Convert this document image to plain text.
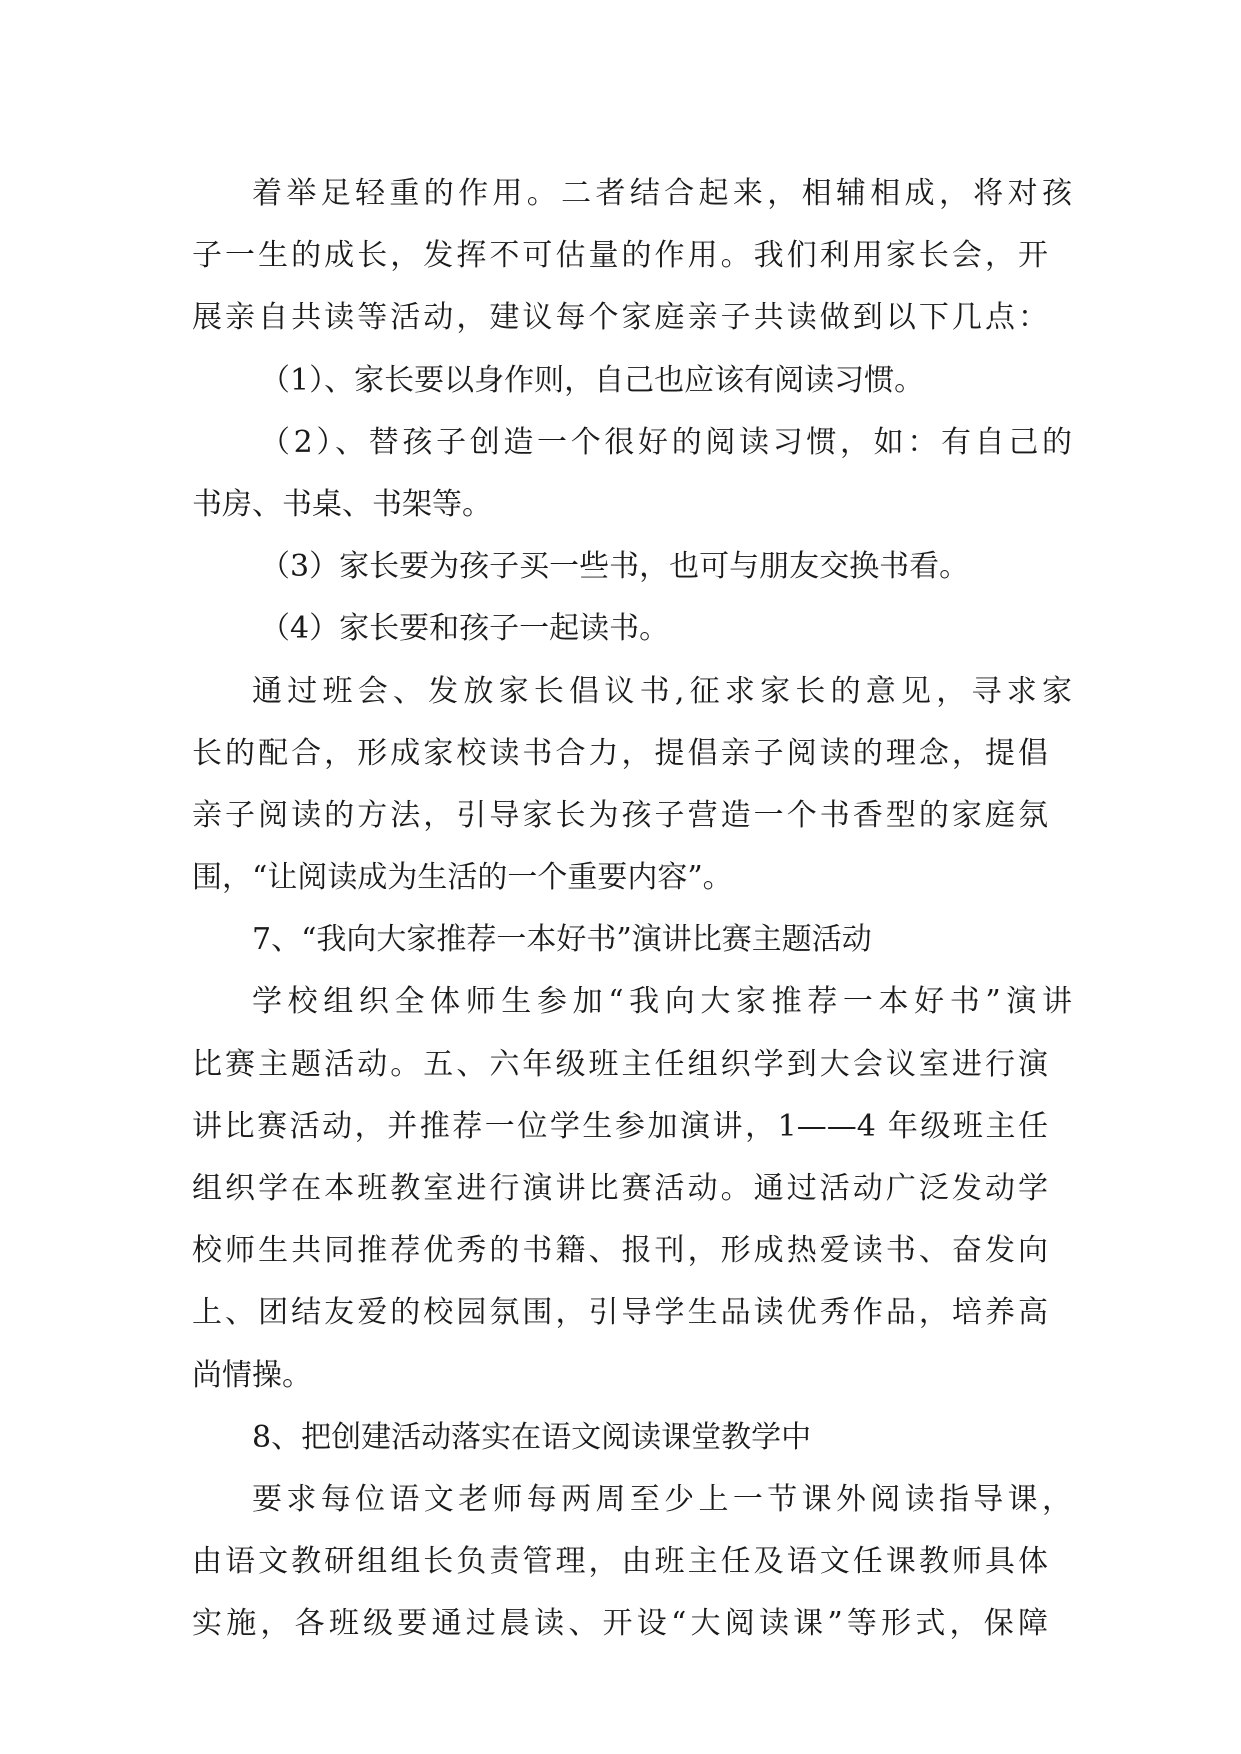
着举足轻重的作用。二者结合起来，相辅相成，将对孩
子一生的成长，发挥不可估量的作用。我们利用家长会，开
展亲自共读等活动，建议每个家庭亲子共读做到以下几点：
（1）、家长要以身作则，自己也应该有阅读习惯。
（2）、替孩子创造一个很好的阅读习惯，如：有自己的
书房、书桌、书架等。
（3）家长要为孩子买一些书，也可与朋友交换书看。
（4）家长要和孩子一起读书。
通过班会、发放家长倡议书,征求家长的意见，寻求家
长的配合，形成家校读书合力，提倡亲子阅读的理念，提倡
亲子阅读的方法，引导家长为孩子营造一个书香型的家庭氛
围，“让阅读成为生活的一个重要内容”。
7、“我向大家推荐一本好书”演讲比赛主题活动
学校组织全体师生参加“我向大家推荐一本好书”演讲
比赛主题活动。五、六年级班主任组织学到大会议室进行演
讲比赛活动，并推荐一位学生参加演讲，1——4 年级班主任
组织学在本班教室进行演讲比赛活动。通过活动广泛发动学
校师生共同推荐优秀的书籍、报刊，形成热爱读书、奋发向
上、团结友爱的校园氛围，引导学生品读优秀作品，培养高
尚情操。
8、把创建活动落实在语文阅读课堂教学中
要求每位语文老师每两周至少上一节课外阅读指导课，
由语文教研组组长负责管理，由班主任及语文任课教师具体
实施，各班级要通过晨读、开设“大阅读课”等形式，保障
